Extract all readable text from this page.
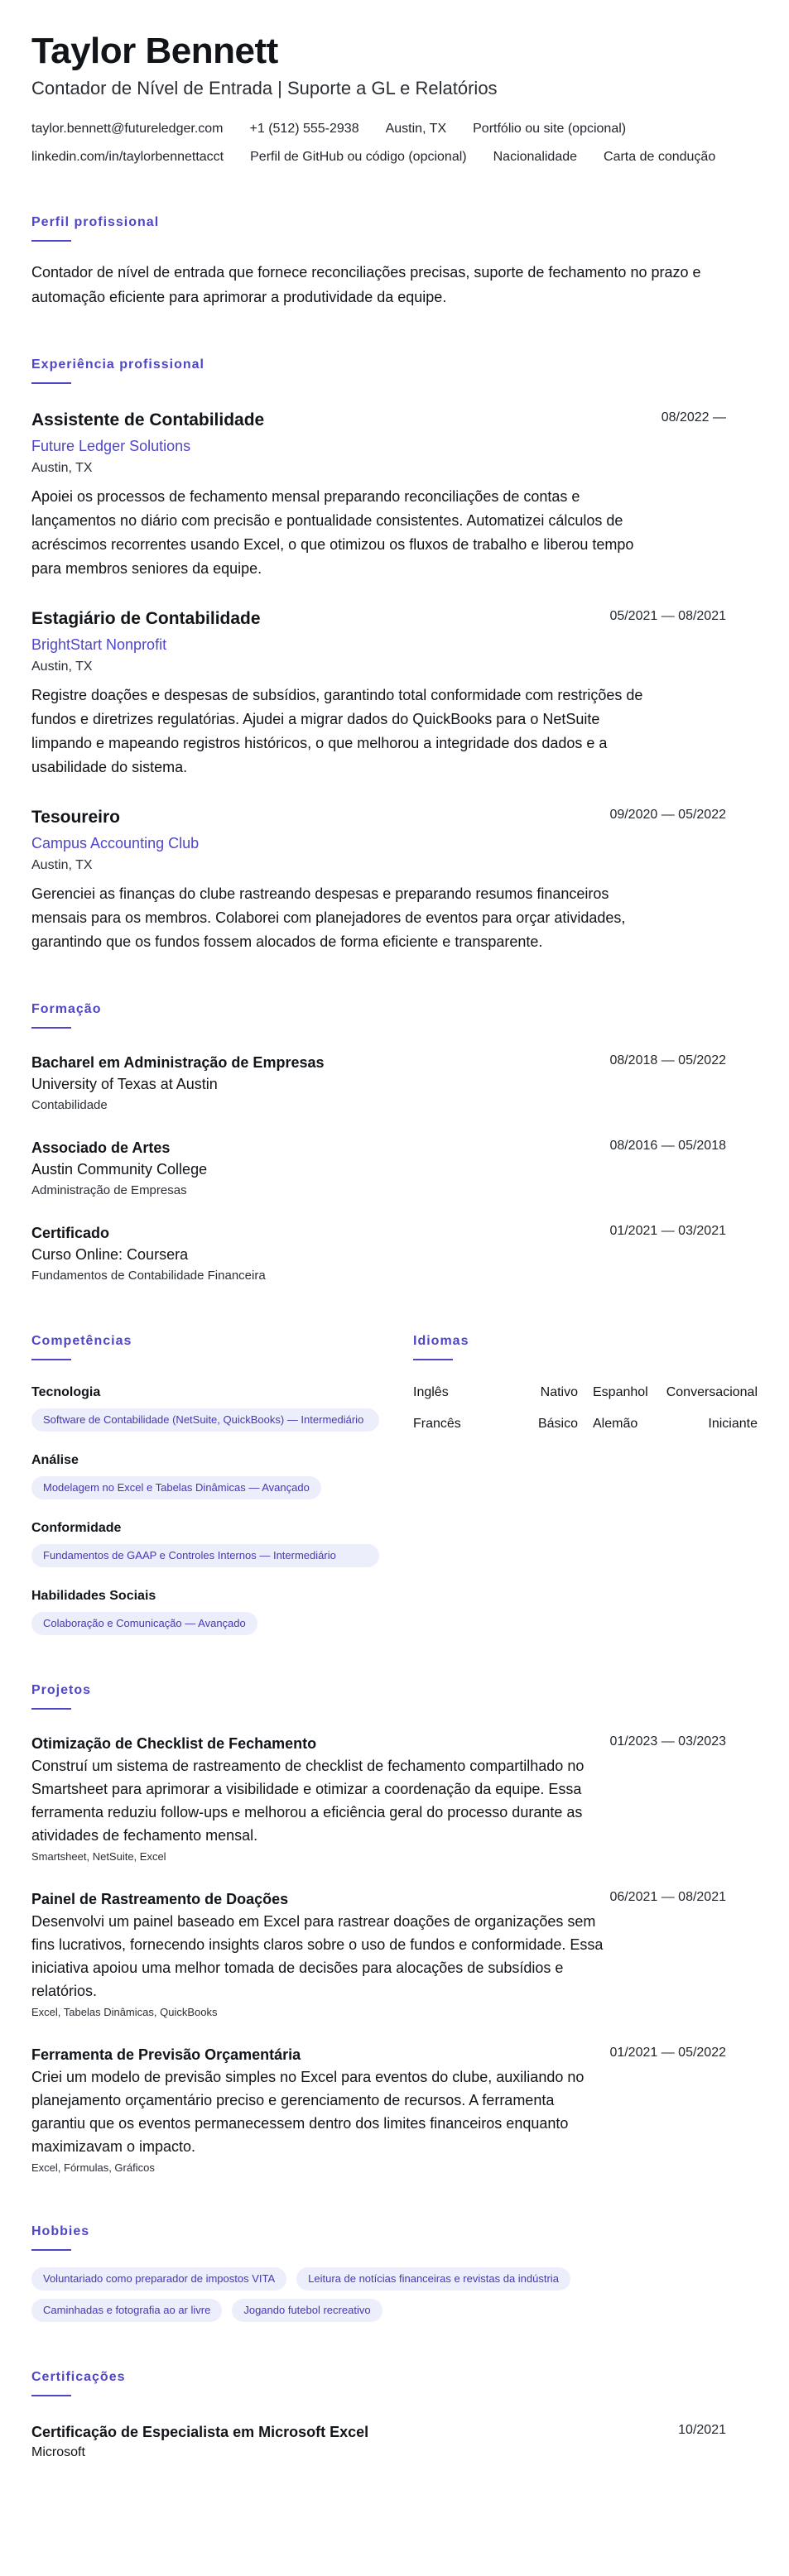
Taylor Bennett
Contador de Nível de Entrada | Suporte a GL e Relatórios
taylor.bennett@futureledger.com +1 (512) 555-2938 Austin, TX Portfólio ou site (opcional)
linkedin.com/in/taylorbennettacct Perfil de GitHub ou código (opcional) Nacionalidade Carta de condução
Perfil profissional
Contador de nível de entrada que fornece reconciliações precisas, suporte de fechamento no prazo e automação eficiente para aprimorar a produtividade da equipe.
Experiência profissional
Assistente de Contabilidade	08/2022 —
Future Ledger Solutions
Austin, TX
Apoiei os processos de fechamento mensal preparando reconciliações de contas e lançamentos no diário com precisão e pontualidade consistentes. Automatizei cálculos de acréscimos recorrentes usando Excel, o que otimizou os fluxos de trabalho e liberou tempo para membros seniores da equipe.
Estagiário de Contabilidade	05/2021 — 08/2021
BrightStart Nonprofit
Austin, TX
Registre doações e despesas de subsídios, garantindo total conformidade com restrições de fundos e diretrizes regulatórias. Ajudei a migrar dados do QuickBooks para o NetSuite limpando e mapeando registros históricos, o que melhorou a integridade dos dados e a usabilidade do sistema.
Tesoureiro	09/2020 — 05/2022
Campus Accounting Club
Austin, TX
Gerenciei as finanças do clube rastreando despesas e preparando resumos financeiros mensais para os membros. Colaborei com planejadores de eventos para orçar atividades, garantindo que os fundos fossem alocados de forma eficiente e transparente.
Formação
Bacharel em Administração de Empresas	08/2018 — 05/2022
University of Texas at Austin
Contabilidade
Associado de Artes	08/2016 — 05/2018
Austin Community College
Administração de Empresas
Certificado	01/2021 — 03/2021
Curso Online: Coursera
Fundamentos de Contabilidade Financeira
Competências
Tecnologia
Software de Contabilidade (NetSuite, QuickBooks) — Intermediário
Análise
Modelagem no Excel e Tabelas Dinâmicas — Avançado
Conformidade
Fundamentos de GAAP e Controles Internos — Intermediário
Habilidades Sociais
Colaboração e Comunicação — Avançado
Idiomas
Inglês	Nativo Espanhol Conversacional
Francês	Básico Alemão	Iniciante
Projetos
Otimização de Checklist de Fechamento	01/2023 — 03/2023
Construí um sistema de rastreamento de checklist de fechamento compartilhado no Smartsheet para aprimorar a visibilidade e otimizar a coordenação da equipe. Essa ferramenta reduziu follow-ups e melhorou a eficiência geral do processo durante as atividades de fechamento mensal.
Smartsheet, NetSuite, Excel
Painel de Rastreamento de Doações	06/2021 — 08/2021
Desenvolvi um painel baseado em Excel para rastrear doações de organizações sem fins lucrativos, fornecendo insights claros sobre o uso de fundos e conformidade. Essa iniciativa apoiou uma melhor tomada de decisões para alocações de subsídios e relatórios.
Excel, Tabelas Dinâmicas, QuickBooks
Ferramenta de Previsão Orçamentária	01/2021 — 05/2022
Criei um modelo de previsão simples no Excel para eventos do clube, auxiliando no planejamento orçamentário preciso e gerenciamento de recursos. A ferramenta garantiu que os eventos permanecessem dentro dos limites financeiros enquanto maximizavam o impacto.
Excel, Fórmulas, Gráficos
Hobbies
Voluntariado como preparador de impostos VITA	Leitura de notícias financeiras e revistas da indústria
Caminhadas e fotografia ao ar livre	Jogando futebol recreativo
Certificações
Certificação de Especialista em Microsoft Excel	10/2021
Microsoft
